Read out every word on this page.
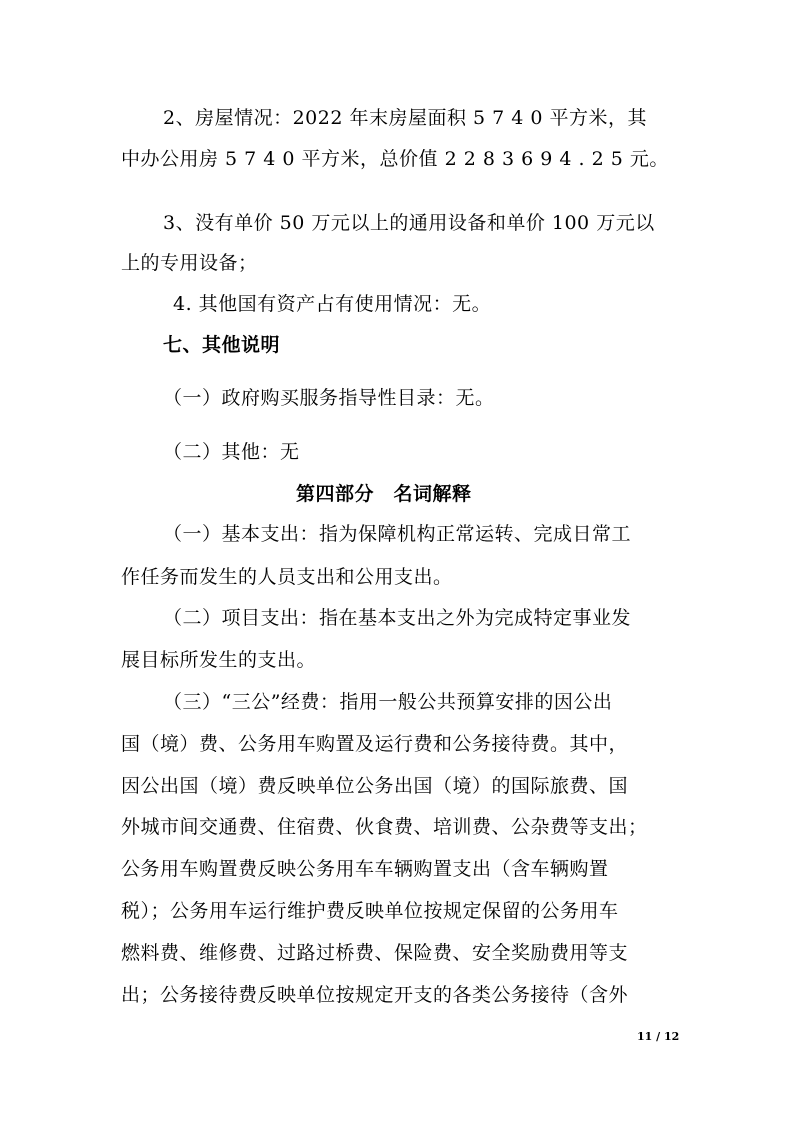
2、房屋情况：2022 年末房屋面积 5 7 4 0 平方米，其
中办公用房 5 7 4 0 平方米，总价值 2 2 8 3 6 9 4 . 2 5 元。
3、没有单价 50 万元以上的通用设备和单价 100 万元以
上的专用设备；
4. 其他国有资产占有使用情况：无。
七、其他说明
（一）政府购买服务指导性目录：无。
（二）其他：无
第四部分　名词解释
（一）基本支出：指为保障机构正常运转、完成日常工
作任务而发生的人员支出和公用支出。
（二）项目支出：指在基本支出之外为完成特定事业发
展目标所发生的支出。
（三）“三公”经费：指用一般公共预算安排的因公出
国（境）费、公务用车购置及运行费和公务接待费。其中，
因公出国（境）费反映单位公务出国（境）的国际旅费、国
外城市间交通费、住宿费、伙食费、培训费、公杂费等支出；
公务用车购置费反映公务用车车辆购置支出（含车辆购置
税）；公务用车运行维护费反映单位按规定保留的公务用车
燃料费、维修费、过路过桥费、保险费、安全奖励费用等支
出；公务接待费反映单位按规定开支的各类公务接待（含外
11 / 12
